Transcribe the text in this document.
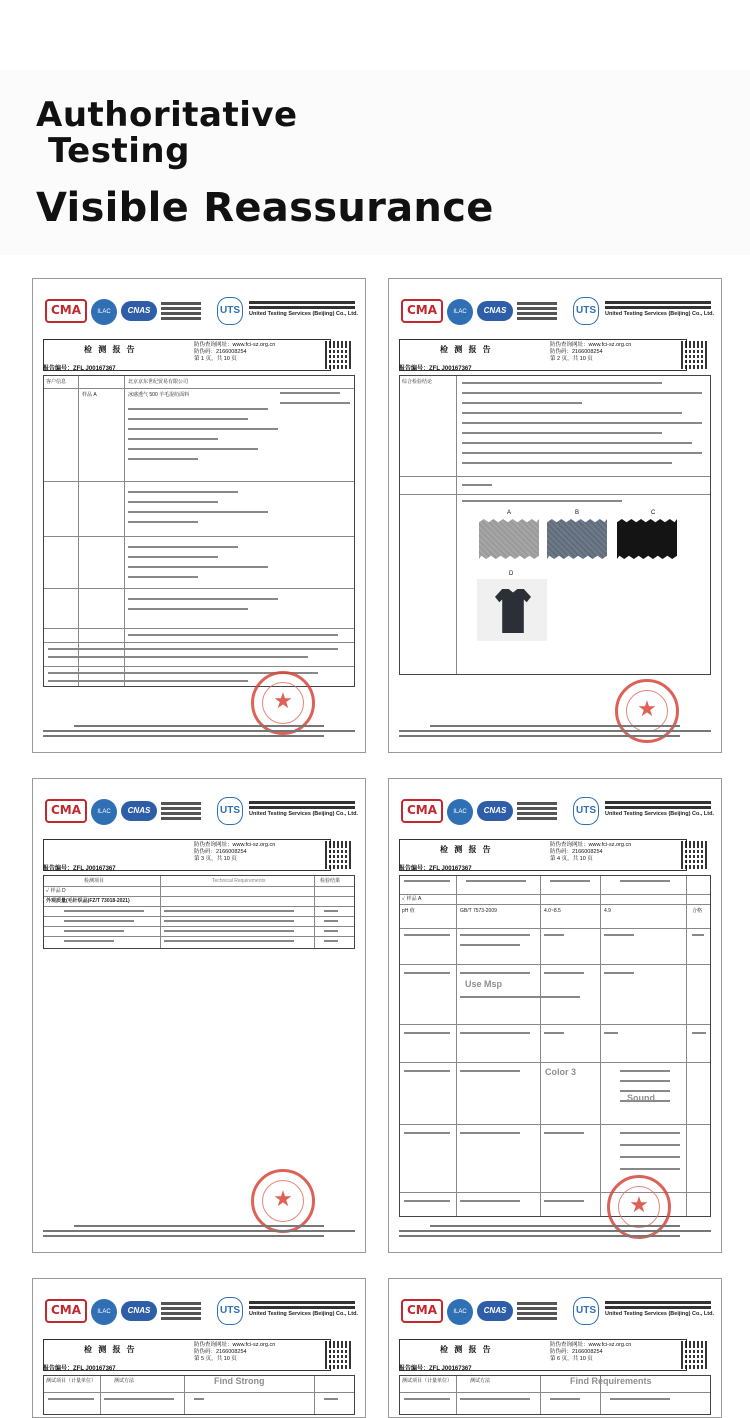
Authoritative
Testing
Visible Reassurance
CMA	ILAC	CNAS	UTS	United Testing Services (Beijing) Co., Ltd.
检 测 报 告	防伪查询网址：www.fci-sz.org.cn
防伪码：2166008254
第 1 页，共 10 页
报告编号：ZFL J00167367
客户信息	北京京东世纪贸易有限公司
样品 A	冰感透气 500 羊毛混纺面料
★
CMA	ILAC	CNAS	UTS	United Testing Services (Beijing) Co., Ltd.
检 测 报 告	防伪查询网址：www.fci-sz.org.cn
防伪码：2166008254
第 2 页，共 10 页
报告编号：ZFL J00167367
综合检验结论
A	B	C
D
★
CMA	ILAC	CNAS	UTS	United Testing Services (Beijing) Co., Ltd.
防伪查询网址：www.fci-sz.org.cn
防伪码：2166008254
第 3 页，共 10 页
报告编号：ZFL J00167367
检测项目	Technical Requirements	检验结果
✓ 样品 D
外观质量(毛针织品)FZ/T 73018-2021)
★
CMA	ILAC	CNAS	UTS	United Testing Services (Beijing) Co., Ltd.
检 测 报 告	防伪查询网址：www.fci-sz.org.cn
防伪码：2166008254
第 4 页，共 10 页
报告编号：ZFL J00167367
✓ 样品 A
pH 值	GB/T 7573-2009	4.0~8.5	4.9	合格
Use Msp
Color 3
Sound
★
CMA	ILAC	CNAS	UTS	United Testing Services (Beijing) Co., Ltd.
检 测 报 告	防伪查询网址：www.fci-sz.org.cn
防伪码：2166008254
第 5 页，共 10 页
报告编号：ZFL J00167367
测试项目（计量单位）	测试方法	Find Strong
CMA	ILAC	CNAS	UTS	United Testing Services (Beijing) Co., Ltd.
检 测 报 告	防伪查询网址：www.fci-sz.org.cn
防伪码：2166008254
第 6 页，共 10 页
报告编号：ZFL J00167367
测试项目（计量单位）	测试方法	Find Requirements
